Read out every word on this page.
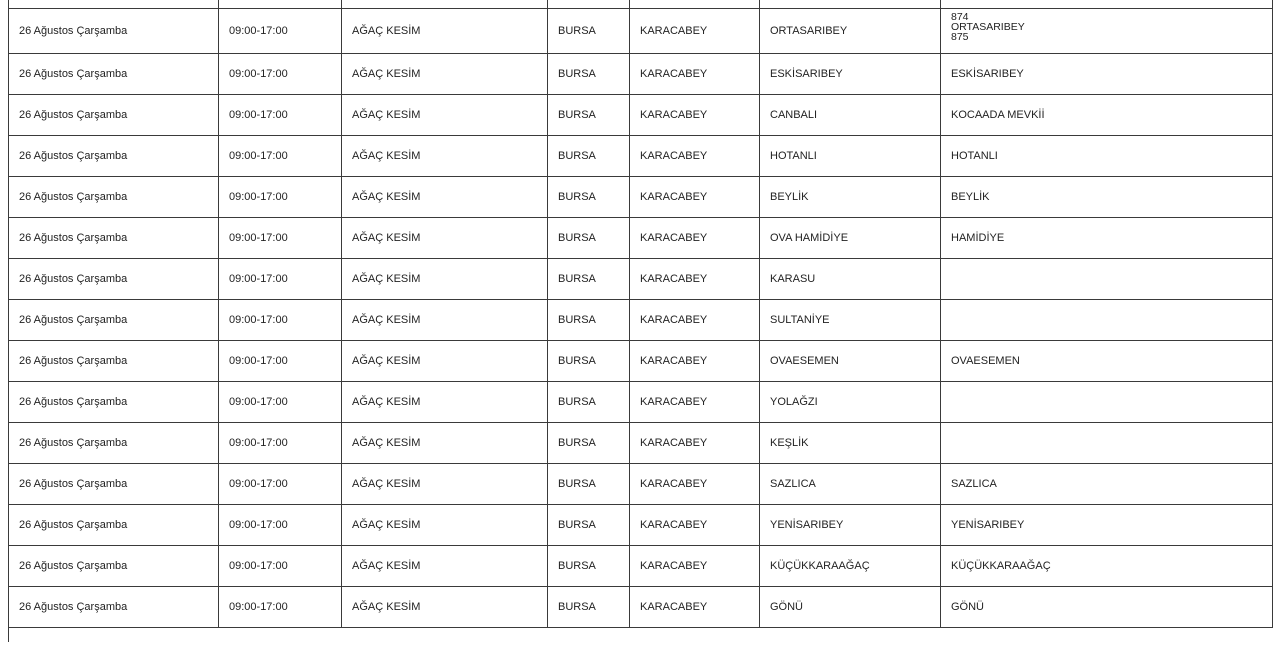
26 Ağustos Çarşamba	09:00-17:00	AĞAÇ KESİM	BURSA	KARACABEY	ORTASARIBEY	874
ORTASARIBEY
875

26 Ağustos Çarşamba	09:00-17:00	AĞAÇ KESİM	BURSA	KARACABEY	ESKİSARIBEY	ESKİSARIBEY
26 Ağustos Çarşamba	09:00-17:00	AĞAÇ KESİM	BURSA	KARACABEY	CANBALI	KOCAADA MEVKİİ
26 Ağustos Çarşamba	09:00-17:00	AĞAÇ KESİM	BURSA	KARACABEY	HOTANLI	HOTANLI
26 Ağustos Çarşamba	09:00-17:00	AĞAÇ KESİM	BURSA	KARACABEY	BEYLİK	BEYLİK
26 Ağustos Çarşamba	09:00-17:00	AĞAÇ KESİM	BURSA	KARACABEY	OVA HAMİDİYE	HAMİDİYE
26 Ağustos Çarşamba	09:00-17:00	AĞAÇ KESİM	BURSA	KARACABEY	KARASU	
26 Ağustos Çarşamba	09:00-17:00	AĞAÇ KESİM	BURSA	KARACABEY	SULTANİYE	
26 Ağustos Çarşamba	09:00-17:00	AĞAÇ KESİM	BURSA	KARACABEY	OVAESEMEN	OVAESEMEN
26 Ağustos Çarşamba	09:00-17:00	AĞAÇ KESİM	BURSA	KARACABEY	YOLAĞZI	
26 Ağustos Çarşamba	09:00-17:00	AĞAÇ KESİM	BURSA	KARACABEY	KEŞLİK	
26 Ağustos Çarşamba	09:00-17:00	AĞAÇ KESİM	BURSA	KARACABEY	SAZLICA	SAZLICA
26 Ağustos Çarşamba	09:00-17:00	AĞAÇ KESİM	BURSA	KARACABEY	YENİSARIBEY	YENİSARIBEY
26 Ağustos Çarşamba	09:00-17:00	AĞAÇ KESİM	BURSA	KARACABEY	KÜÇÜKKARAAĞAÇ	KÜÇÜKKARAAĞAÇ
26 Ağustos Çarşamba	09:00-17:00	AĞAÇ KESİM	BURSA	KARACABEY	GÖNÜ	GÖNÜ
